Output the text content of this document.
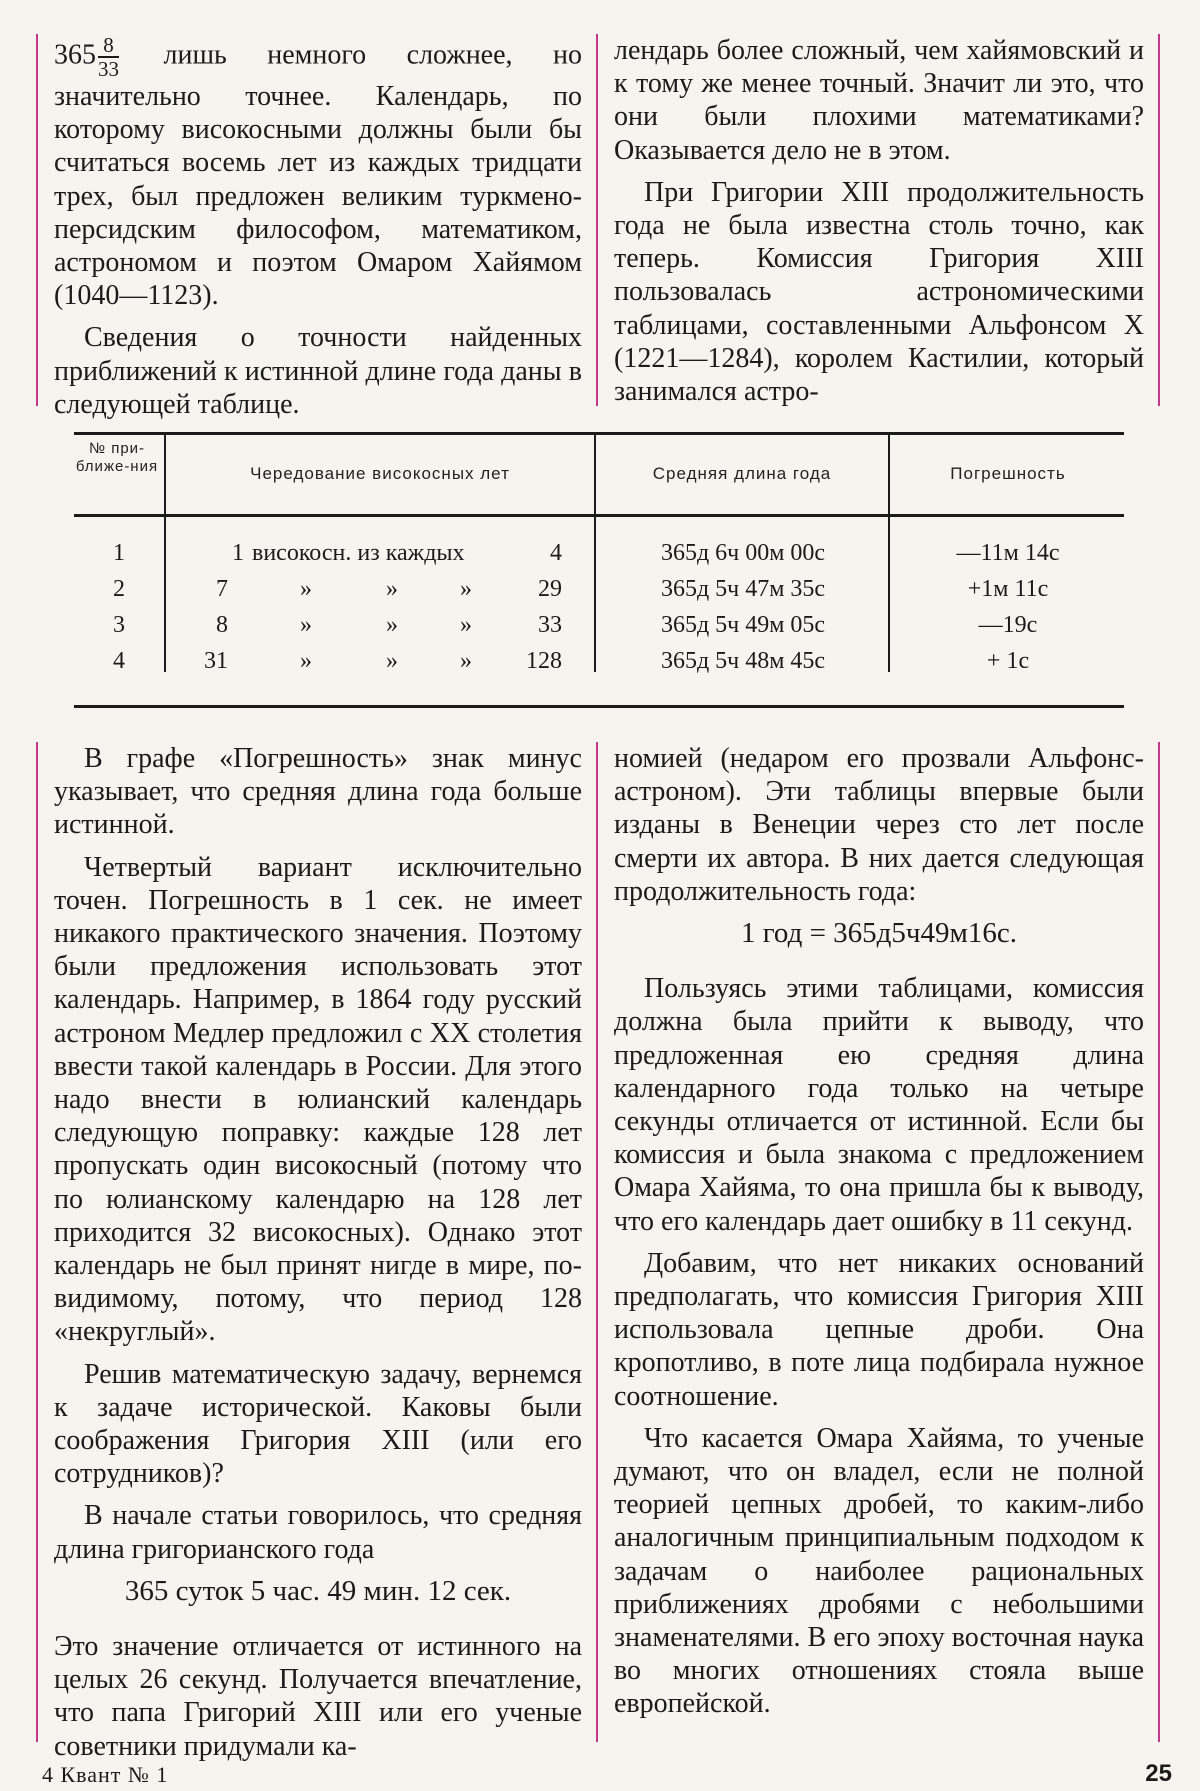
$365 \frac{8}{33}$ лишь немного сложнее, но значительно точнее. Календарь, по которому високосными должны были бы считаться восемь лет из каждых тридцати трех, был предложен великим туркмено-персидским философом, математиком, астрономом и поэтом Омаром Хайямом (1040—1123).

Сведения о точности найденных приближений к истинной длине года даны в следующей таблице.

лендарь более сложный, чем хайямовский и к тому же менее точный. Значит ли это, что они были плохими математиками? Оказывается дело не в этом.

При Григории XIII продолжительность года не была известна столь точно, как теперь. Комиссия Григория XIII пользовалась астрономическими таблицами, составленными Альфонсом X (1221—1284), королем Кастилии, который занимался астро-

№ при-ближе-ния	Чередование високосных лет	Средняя длина года	Погрешность
1	1 високосн. из каждых	4	365д 6ч 00м 00с	—11м 14с
2	7	»	»	»	29	365д 5ч 47м 35с	+1м 11с
3	8	»	»	»	33	365д 5ч 49м 05с	—19с
4	31	»	»	»	128	365д 5ч 48м 45с	+ 1с

В графе «Погрешность» знак минус указывает, что средняя длина года больше истинной.

Четвертый вариант исключительно точен. Погрешность в 1 сек. не имеет никакого практического значения. Поэтому были предложения использовать этот календарь. Например, в 1864 году русский астроном Медлер предложил с XX столетия ввести такой календарь в России. Для этого надо внести в юлианский календарь следующую поправку: каждые 128 лет пропускать один високосный (потому что по юлианскому календарю на 128 лет приходится 32 високосных). Однако этот календарь не был принят нигде в мире, по-видимому, потому, что период 128 «некруглый».

Решив математическую задачу, вернемся к задаче исторической. Каковы были соображения Григория XIII (или его сотрудников)?

В начале статьи говорилось, что средняя длина григорианского года

365 суток 5 час. 49 мин. 12 сек.

Это значение отличается от истинного на целых 26 секунд. Получается впечатление, что папа Григорий XIII или его ученые советники придумали ка-

номией (недаром его прозвали Альфонс-астроном). Эти таблицы впервые были изданы в Венеции через сто лет после смерти их автора. В них дается следующая продолжительность года:

1 год = 365д5ч49м16с.

Пользуясь этими таблицами, комиссия должна была прийти к выводу, что предложенная ею средняя длина календарного года только на четыре секунды отличается от истинной. Если бы комиссия и была знакома с предложением Омара Хайяма, то она пришла бы к выводу, что его календарь дает ошибку в 11 секунд.

Добавим, что нет никаких оснований предполагать, что комиссия Григория XIII использовала цепные дроби. Она кропотливо, в поте лица подбирала нужное соотношение.

Что касается Омара Хайяма, то ученые думают, что он владел, если не полной теорией цепных дробей, то каким-либо аналогичным принципиальным подходом к задачам о наиболее рациональных приближениях дробями с небольшими знаменателями. В его эпоху восточная наука во многих отношениях стояла выше европейской.

4 Квант № 1	25
